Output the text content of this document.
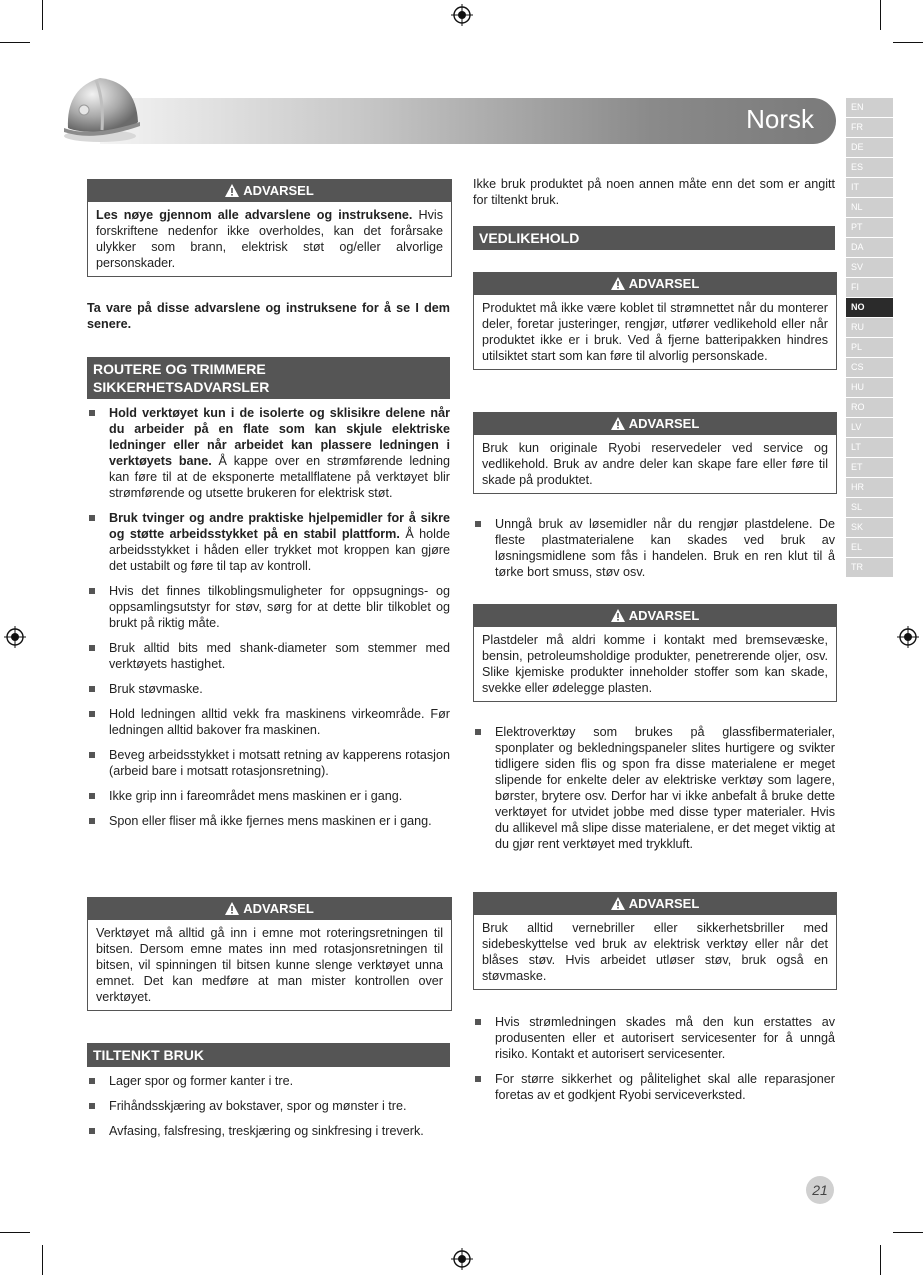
Norsk	EN
FR
DE
ES
IT
NL
PT
DA
SV
FI
NO
RU
PL
CS
HU
RO
LV
LT
ET
HR
SL
SK
EL
TR
ADVARSEL
Les nøye gjennom alle advarslene og instruksene. Hvis forskriftene nedenfor ikke overholdes, kan det forårsake ulykker som brann, elektrisk støt og/eller alvorlige personskader.
Ta vare på disse advarslene og instruksene for å se I dem senere.
ROUTERE OG TRIMMERE
SIKKERHETSADVARSLER
Hold verktøyet kun i de isolerte og sklisikre delene når du arbeider på en flate som kan skjule elektriske ledninger eller når arbeidet kan plassere ledningen i verktøyets bane. Å kappe over en strømførende ledning kan føre til at de eksponerte metallflatene på verktøyet blir strømførende og utsette brukeren for elektrisk støt.
Bruk tvinger og andre praktiske hjelpemidler for å sikre og støtte arbeidsstykket på en stabil plattform. Å holde arbeidsstykket i håden eller trykket mot kroppen kan gjøre det ustabilt og føre til tap av kontroll.
Hvis det finnes tilkoblingsmuligheter for oppsugnings- og oppsamlingsutstyr for støv, sørg for at dette blir tilkoblet og brukt på riktig måte.
Bruk alltid bits med shank-diameter som stemmer med verktøyets hastighet.
Bruk støvmaske.
Hold ledningen alltid vekk fra maskinens virkeområde. Før ledningen alltid bakover fra maskinen.
Beveg arbeidsstykket i motsatt retning av kapperens rotasjon (arbeid bare i motsatt rotasjonsretning).
Ikke grip inn i fareområdet mens maskinen er i gang.
Spon eller fliser må ikke fjernes mens maskinen er i gang.
ADVARSEL
Verktøyet må alltid gå inn i emne mot roteringsretningen til bitsen. Dersom emne mates inn med rotasjonsretningen til bitsen, vil spinningen til bitsen kunne slenge verktøyet unna emnet. Det kan medføre at man mister kontrollen over verktøyet.
TILTENKT BRUK
Lager spor og former kanter i tre.
Frihåndsskjæring av bokstaver, spor og mønster i tre.
Avfasing, falsfresing, treskjæring og sinkfresing i treverk.
Ikke bruk produktet på noen annen måte enn det som er angitt for tiltenkt bruk.
VEDLIKEHOLD
ADVARSEL
Produktet må ikke være koblet til strømnettet når du monterer deler, foretar justeringer, rengjør, utfører vedlikehold eller når produktet ikke er i bruk. Ved å fjerne batteripakken hindres utilsiktet start som kan føre til alvorlig personskade.
ADVARSEL
Bruk kun originale Ryobi reservedeler ved service og vedlikehold. Bruk av andre deler kan skape fare eller føre til skade på produktet.
Unngå bruk av løsemidler når du rengjør plastdelene. De fleste plastmaterialene kan skades ved bruk av løsningsmidlene som fås i handelen. Bruk en ren klut til å tørke bort smuss, støv osv.
ADVARSEL
Plastdeler må aldri komme i kontakt med bremsevæske, bensin, petroleumsholdige produkter, penetrerende oljer, osv. Slike kjemiske produkter inneholder stoffer som kan skade, svekke eller ødelegge plasten.
Elektroverktøy som brukes på glassfibermaterialer, sponplater og bekledningspaneler slites hurtigere og svikter tidligere siden flis og spon fra disse materialene er meget slipende for enkelte deler av elektriske verktøy som lagere, børster, brytere osv. Derfor har vi ikke anbefalt å bruke dette verktøyet for utvidet jobbe med disse typer materialer. Hvis du allikevel må slipe disse materialene, er det meget viktig at du gjør rent verktøyet med trykkluft.
ADVARSEL
Bruk alltid vernebriller eller sikkerhetsbriller med sidebeskyttelse ved bruk av elektrisk verktøy eller når det blåses støv. Hvis arbeidet utløser støv, bruk også en støvmaske.
Hvis strømledningen skades må den kun erstattes av produsenten eller et autorisert servicesenter for å unngå risiko. Kontakt et autorisert servicesenter.
For større sikkerhet og pålitelighet skal alle reparasjoner foretas av et godkjent Ryobi serviceverksted.
21
